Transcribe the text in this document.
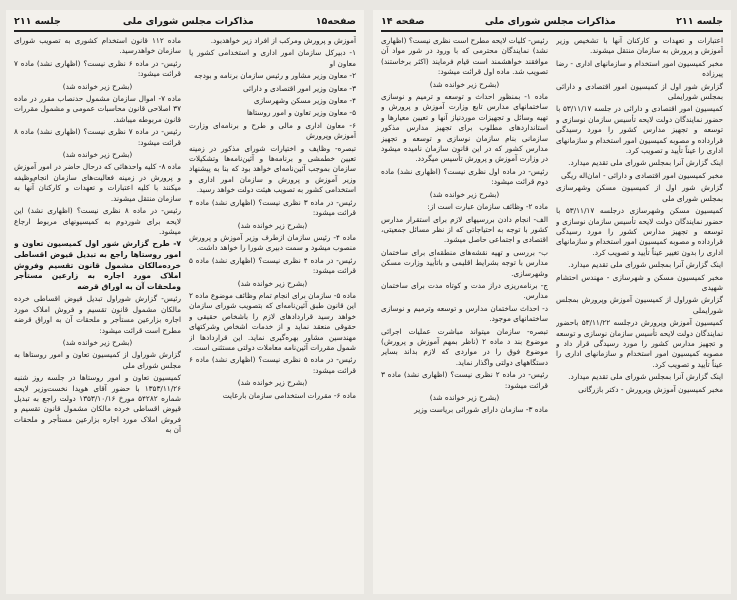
صفحه۱۵
مذاکرات مجلس شورای ملی
جلسه ۲۱۱

آموزش و پرورش ومرکب از افراد زیر خواهدبود.

۱- دبیرکل سازمان امور اداری و استخدامی کشور یا معاون او

۲- معاون وزیر مشاور و رئیس سازمان برنامه و بودجه

۳- معاون وزیر امور اقتصادی و دارائی

۴- معاون وزیر مسکن وشهرسازی

۵- معاون وزیر تعاون و امور روستاها

۶- معاون اداری و مالی و طرح و برنامه‌ای وزارت آموزش وپرورش

تبصره- وظایف و اختیارات شورای مذکور در زمینه تعیین خطمشی و برنامه‌ها و آئین‌نامه‌ها وتشکیلات سازمان بموجب آئین‌نامه‌ای خواهد بود که بنا به پیشنهاد وزیر آموزش و پرورش و سازمان امور اداری و استخدامی کشور به تصویب هیئت دولت خواهد رسید.

رئیس- در ماده ۳ نظری نیست؟ (اظهاری نشد) ماده ۴ قرائت میشود:

(بشرح زیر خوانده شد)

ماده ۴- رئیس سازمان ازطرف وزیر آموزش و پرورش منصوب میشود و سمت دبیری شورا را خواهد داشت.

رئیس- در ماده ۴ نظری نیست؟ (اظهاری نشد) ماده ۵ قرائت میشود:

(بشرح زیر خوانده شد)

ماده ۵- سازمان برای انجام تمام وظائف موضوع ماده ۲ این قانون طبق آئین‌نامه‌ای که بتصویب شورای سازمان خواهد رسید قراردادهای لازم را باشخاص حقیقی و حقوقی منعقد نماید و از خدمات اشخاص وشرکتهای مهندسین مشاور بهره‌گیری نماید. این قراردادها از شمول مقررات آئین‌نامه معاملات دولتی مستثنی است.

رئیس- در ماده ۵ نظری نیست؟ (اظهاری نشد) ماده ۶ قرائت میشود:

(بشرح زیر خوانده شد)

ماده ۶- مقررات استخدامی سازمان بارعایت

ماده ۱۱۲ قانون استخدام کشوری به تصویب شورای سازمان خواهدرسید.

رئیس- در ماده ۶ نظری نیست؟ (اظهاری نشد) ماده ۷ قرائت میشود:

(بشرح زیر خوانده شد)

ماده ۷- اموال سازمان مشمول حدنصاب مقرر در ماده ۳۷ اصلاحی قانون محاسبات عمومی و مشمول مقررات قانون مربوطه میباشد.

رئیس- در ماده ۷ نظری نیست؟ (اظهاری نشد) ماده ۸ قرائت میشود:

(بشرح زیر خوانده شد)

ماده ۸- کلیه واحدهائی که درحال حاضر در امور آموزش و پرورش در زمینه فعالیت‌های سازمان انجام‌وظیفه میکنند با کلیه اعتبارات و تعهدات و کارکنان آنها به سازمان منتقل میشوند.

رئیس- در ماده ۸ نظری نیست؟ (اظهاری نشد) این لایحه برای شوردوم به کمیسیونهای مربوط ارجاع میشود.

۷- طرح گزارش شور اول کمیسیون تعاون و امور روستاها راجع به تبدیل قیوض اقساطی خرده‌مالکان مشمول قانون تقسیم وفروش املاک مورد اجاره به زارعین مستأجر وملحقات آن به اوراق قرضه

رئیس- گزارش شوراول تبدیل قیوض اقساطی خرده مالکان مشمول قانون تقسیم و فروش املاک مورد اجاره بزارعین مستأجر و ملحقات آن به اوراق قرضه مطرح است قرائت میشود:

(بشرح زیر خوانده شد)

گزارش شوراول از کمیسیون تعاون و امور روستاها به مجلس شورای ملی

کمیسیون تعاون و امور روستاها در جلسه روز شنبه ۱۳۵۳/۱۱/۲۶ با حضور آقای هویدا نخست‌وزیر لایحه شماره ۵۴۲۸۲ مورخ ۱۳۵۳/۱۰/۱۶ دولت راجع به تبدیل قیوض اقساطی خرده مالکان مشمول قانون تقسیم و فروش املاک مورد اجاره بزارعین مستأجر و ملحقات آن به

جلسه ۲۱۱
مذاکرات مجلس شورای ملی
صفحه ۱۴

اعتبارات و تعهدات و کارکنان آنها با تشخیص وزیر آموزش و پرورش به سازمان منتقل میشوند.

مخبر کمیسیون امور استخدام و سازمانهای اداری - رضا پیرزاده

گزارش شور اول از کمیسیون امور اقتصادی و دارائی بمجلس شورایملی

کمیسیون امور اقتصادی و دارائی در جلسه ۵۳/۱۱/۱۷ با حضور نمایندگان دولت لایحه تأسیس سازمان نوسازی و توسعه و تجهیز مدارس کشور را مورد رسیدگی قرارداده و مصوبه کمیسیون امور استخدام و سازمانهای اداری را عیناً تأیید و تصویب کرد.

اینک گزارش آنرا بمجلس شورای ملی تقدیم میدارد.

مخبر کمیسیون امور اقتصادی و دارائی - امان‌اله ریگی

گزارش شور اول از کمیسیون مسکن وشهرسازی بمجلس شورای ملی

کمیسیون مسکن وشهرسازی درجلسه ۵۳/۱۱/۱۷ با حضور نمایندگان دولت لایحه تأسیس سازمان نوسازی و توسعه و تجهیز مدارس کشور را مورد رسیدگی قرارداده و مصوبه کمیسیون امور استخدام و سازمانهای اداری را بدون تغییر عیناً تأیید و تصویب کرد.

اینک گزارش آنرا بمجلس شورای ملی تقدیم میدارد.

مخبر کمیسیون مسکن و شهرسازی - مهندس احتشام شهیدی

گزارش شوراول از کمیسیون آموزش وپرورش بمجلس شورایملی

کمیسیون آموزش وپرورش درجلسه ۵۳/۱۱/۲۲ باحضور نمایندگان دولت لایحه تأسیس سازمان نوسازی و توسعه و تجهیز مدارس کشور را مورد رسیدگی قرار داد و مصوبه کمیسیون امور استخدام و سازمانهای اداری را عیناً تأیید و تصویب کرد.

اینک گزارش آنرا بمجلس شورای ملی تقدیم میدارد.

مخبر کمیسیون آموزش وپرورش - دکتر بازرگانی

رئیس- کلیات لایحه مطرح است نظری نیست؟ (اظهاری نشد) نمایندگان محترمی که با ورود در شور مواد آن موافقند خواهشمند است قیام فرمایند (اکثر برخاستند) تصویب شد. ماده اول قرائت میشود:

(بشرح زیر خوانده شد)

ماده ۱- بمنظور احداث و توسعه و ترمیم و نوسازی ساختمانهای مدارس تابع وزارت آموزش و پرورش و تهیه وسائل و تجهیزات موردنیاز آنها و تعیین معیارها و استانداردهای مطلوب برای تجهیز مدارس مذکور سازمانی بنام سازمان نوسازی و توسعه و تجهیز مدارس کشور که در این قانون سازمان نامیده میشود در وزارت آموزش و پرورش تأسیس میگردد.

رئیس- در ماده اول نظری نیست؟ (اظهاری نشد) ماده دوم قرائت میشود:

(بشرح زیر خوانده شد)

ماده ۲- وظائف سازمان عبارت است از:

الف- انجام دادن بررسیهای لازم برای استقرار مدارس کشور با توجه به احتیاجاتی که از نظر مسائل جمعیتی، اقتصادی و اجتماعی حاصل میشود.

ب- بررسی و تهیه نقشه‌های منطقه‌ای برای ساختمان مدارس با توجه بشرایط اقلیمی و باتأیید وزارت مسکن وشهرسازی.

ج- برنامه‌ریزی دراز مدت و کوتاه مدت برای ساختمان مدارس.

د- احداث ساختمان مدارس و توسعه وترمیم و نوسازی ساختمانهای موجود.

تبصره- سازمان میتواند مباشرت عملیات اجرائی موضوع بند د ماده ۲ (ناظر بمهم آموزش و پرورش) موضوع فوق را در مواردی که لازم بداند بسایر دستگاههای دولتی واگذار نماید.

رئیس- در ماده ۲ نظری نیست؟ (اظهاری نشد) ماده ۳ قرائت میشود:

(بشرح زیر خوانده شد)

ماده ۳- سازمان دارای شورائی بریاست وزیر
